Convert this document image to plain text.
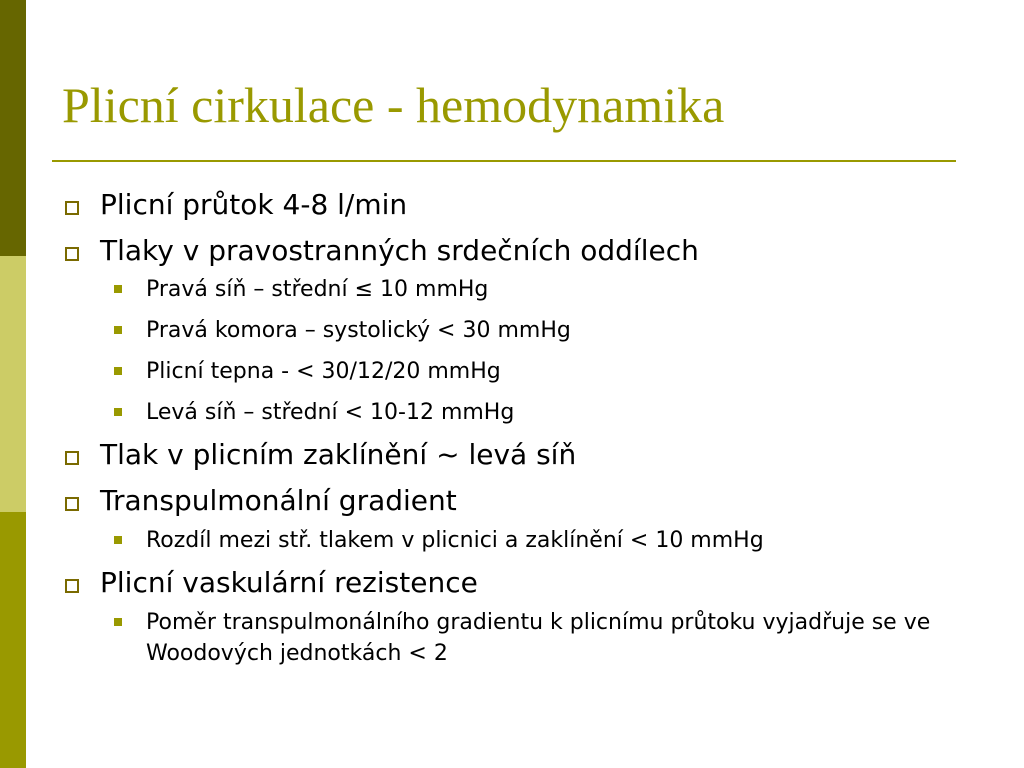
Plicní cirkulace - hemodynamika
Plicní průtok 4-8 l/min
Tlaky v pravostranných srdečních oddílech
Pravá síň – střední ≤ 10 mmHg
Pravá komora – systolický < 30 mmHg
Plicní tepna - < 30/12/20 mmHg
Levá síň – střední < 10-12 mmHg
Tlak v plicním zaklínění ~ levá síň
Transpulmonální gradient
Rozdíl mezi stř. tlakem v plicnici a zaklínění < 10 mmHg
Plicní vaskulární rezistence
Poměr transpulmonálního gradientu k plicnímu průtoku vyjadřuje se ve Woodových jednotkách < 2
